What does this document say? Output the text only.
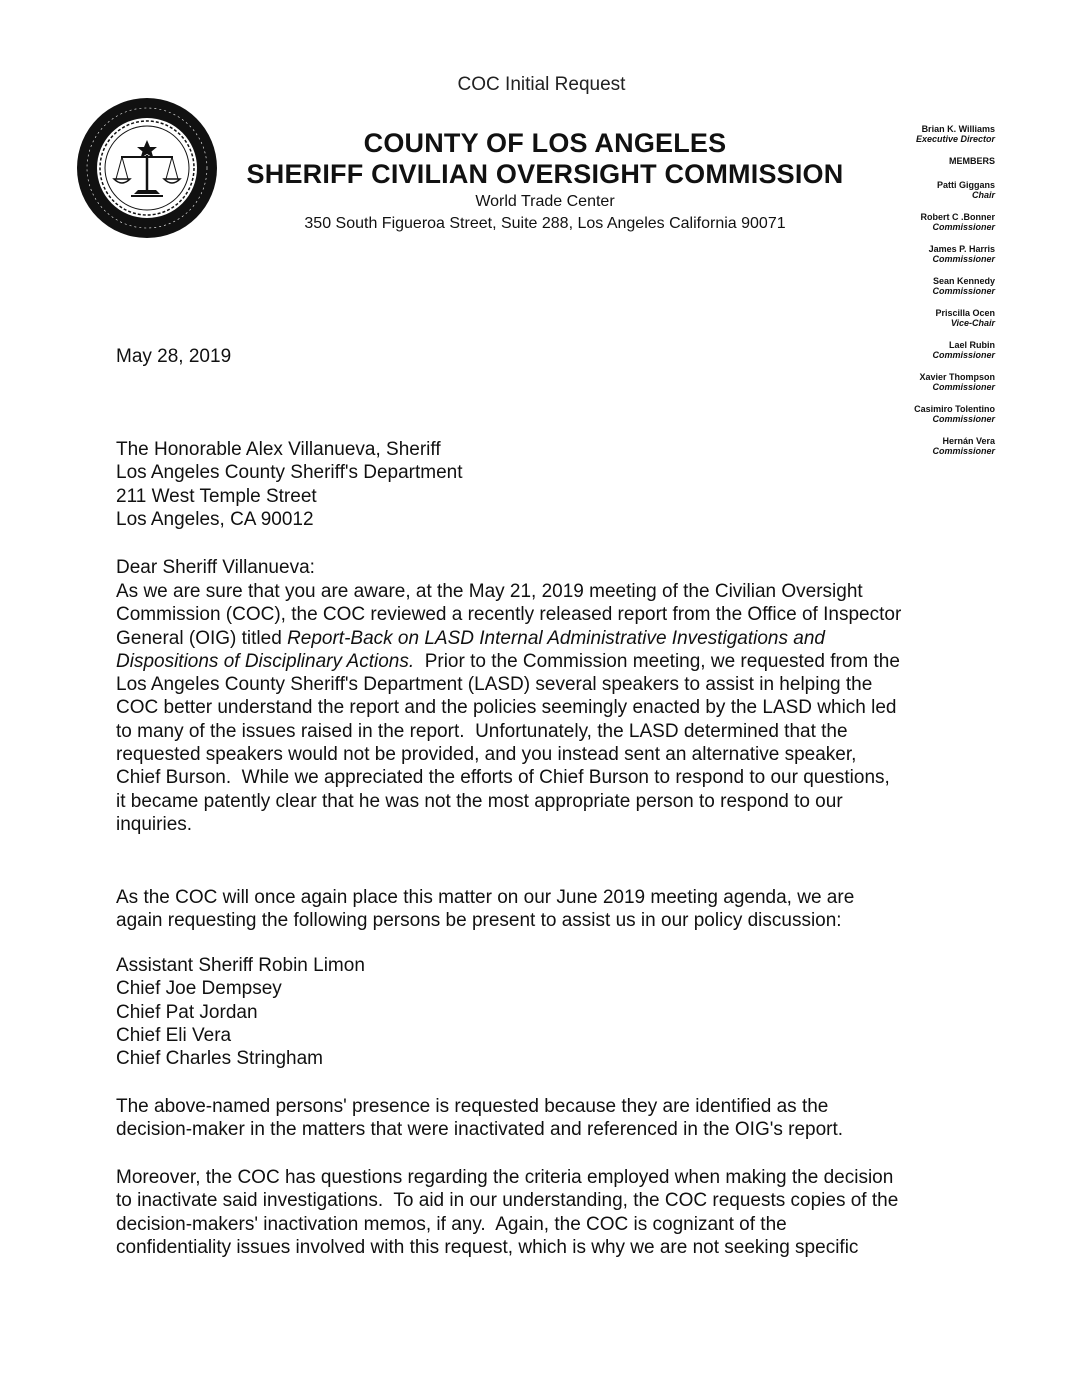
COC Initial Request
COUNTY OF LOS ANGELES
SHERIFF CIVILIAN OVERSIGHT COMMISSION
World Trade Center
350 South Figueroa Street, Suite 288, Los Angeles California 90071
Brian K. Williams
Executive Director
MEMBERS
Patti Giggans
Chair
Robert C .Bonner
Commissioner
James P. Harris
Commissioner
Sean Kennedy
Commissioner
Priscilla Ocen
Vice-Chair
Lael Rubin
Commissioner
Xavier Thompson
Commissioner
Casimiro Tolentino
Commissioner
Hernán Vera
Commissioner
May 28, 2019
The Honorable Alex Villanueva, Sheriff
Los Angeles County Sheriff's Department
211 West Temple Street
Los Angeles, CA 90012
Dear Sheriff Villanueva:
As we are sure that you are aware, at the May 21, 2019 meeting of the Civilian Oversight
Commission (COC), the COC reviewed a recently released report from the Office of Inspector
General (OIG) titled Report-Back on LASD Internal Administrative Investigations and
Dispositions of Disciplinary Actions.  Prior to the Commission meeting, we requested from the
Los Angeles County Sheriff's Department (LASD) several speakers to assist in helping the
COC better understand the report and the policies seemingly enacted by the LASD which led
to many of the issues raised in the report.  Unfortunately, the LASD determined that the
requested speakers would not be provided, and you instead sent an alternative speaker,
Chief Burson.  While we appreciated the efforts of Chief Burson to respond to our questions,
it became patently clear that he was not the most appropriate person to respond to our
inquiries.
As the COC will once again place this matter on our June 2019 meeting agenda, we are
again requesting the following persons be present to assist us in our policy discussion:
Assistant Sheriff Robin Limon
Chief Joe Dempsey
Chief Pat Jordan
Chief Eli Vera
Chief Charles Stringham
The above-named persons' presence is requested because they are identified as the
decision-maker in the matters that were inactivated and referenced in the OIG's report.
Moreover, the COC has questions regarding the criteria employed when making the decision
to inactivate said investigations.  To aid in our understanding, the COC requests copies of the
decision-makers' inactivation memos, if any.  Again, the COC is cognizant of the
confidentiality issues involved with this request, which is why we are not seeking specific
